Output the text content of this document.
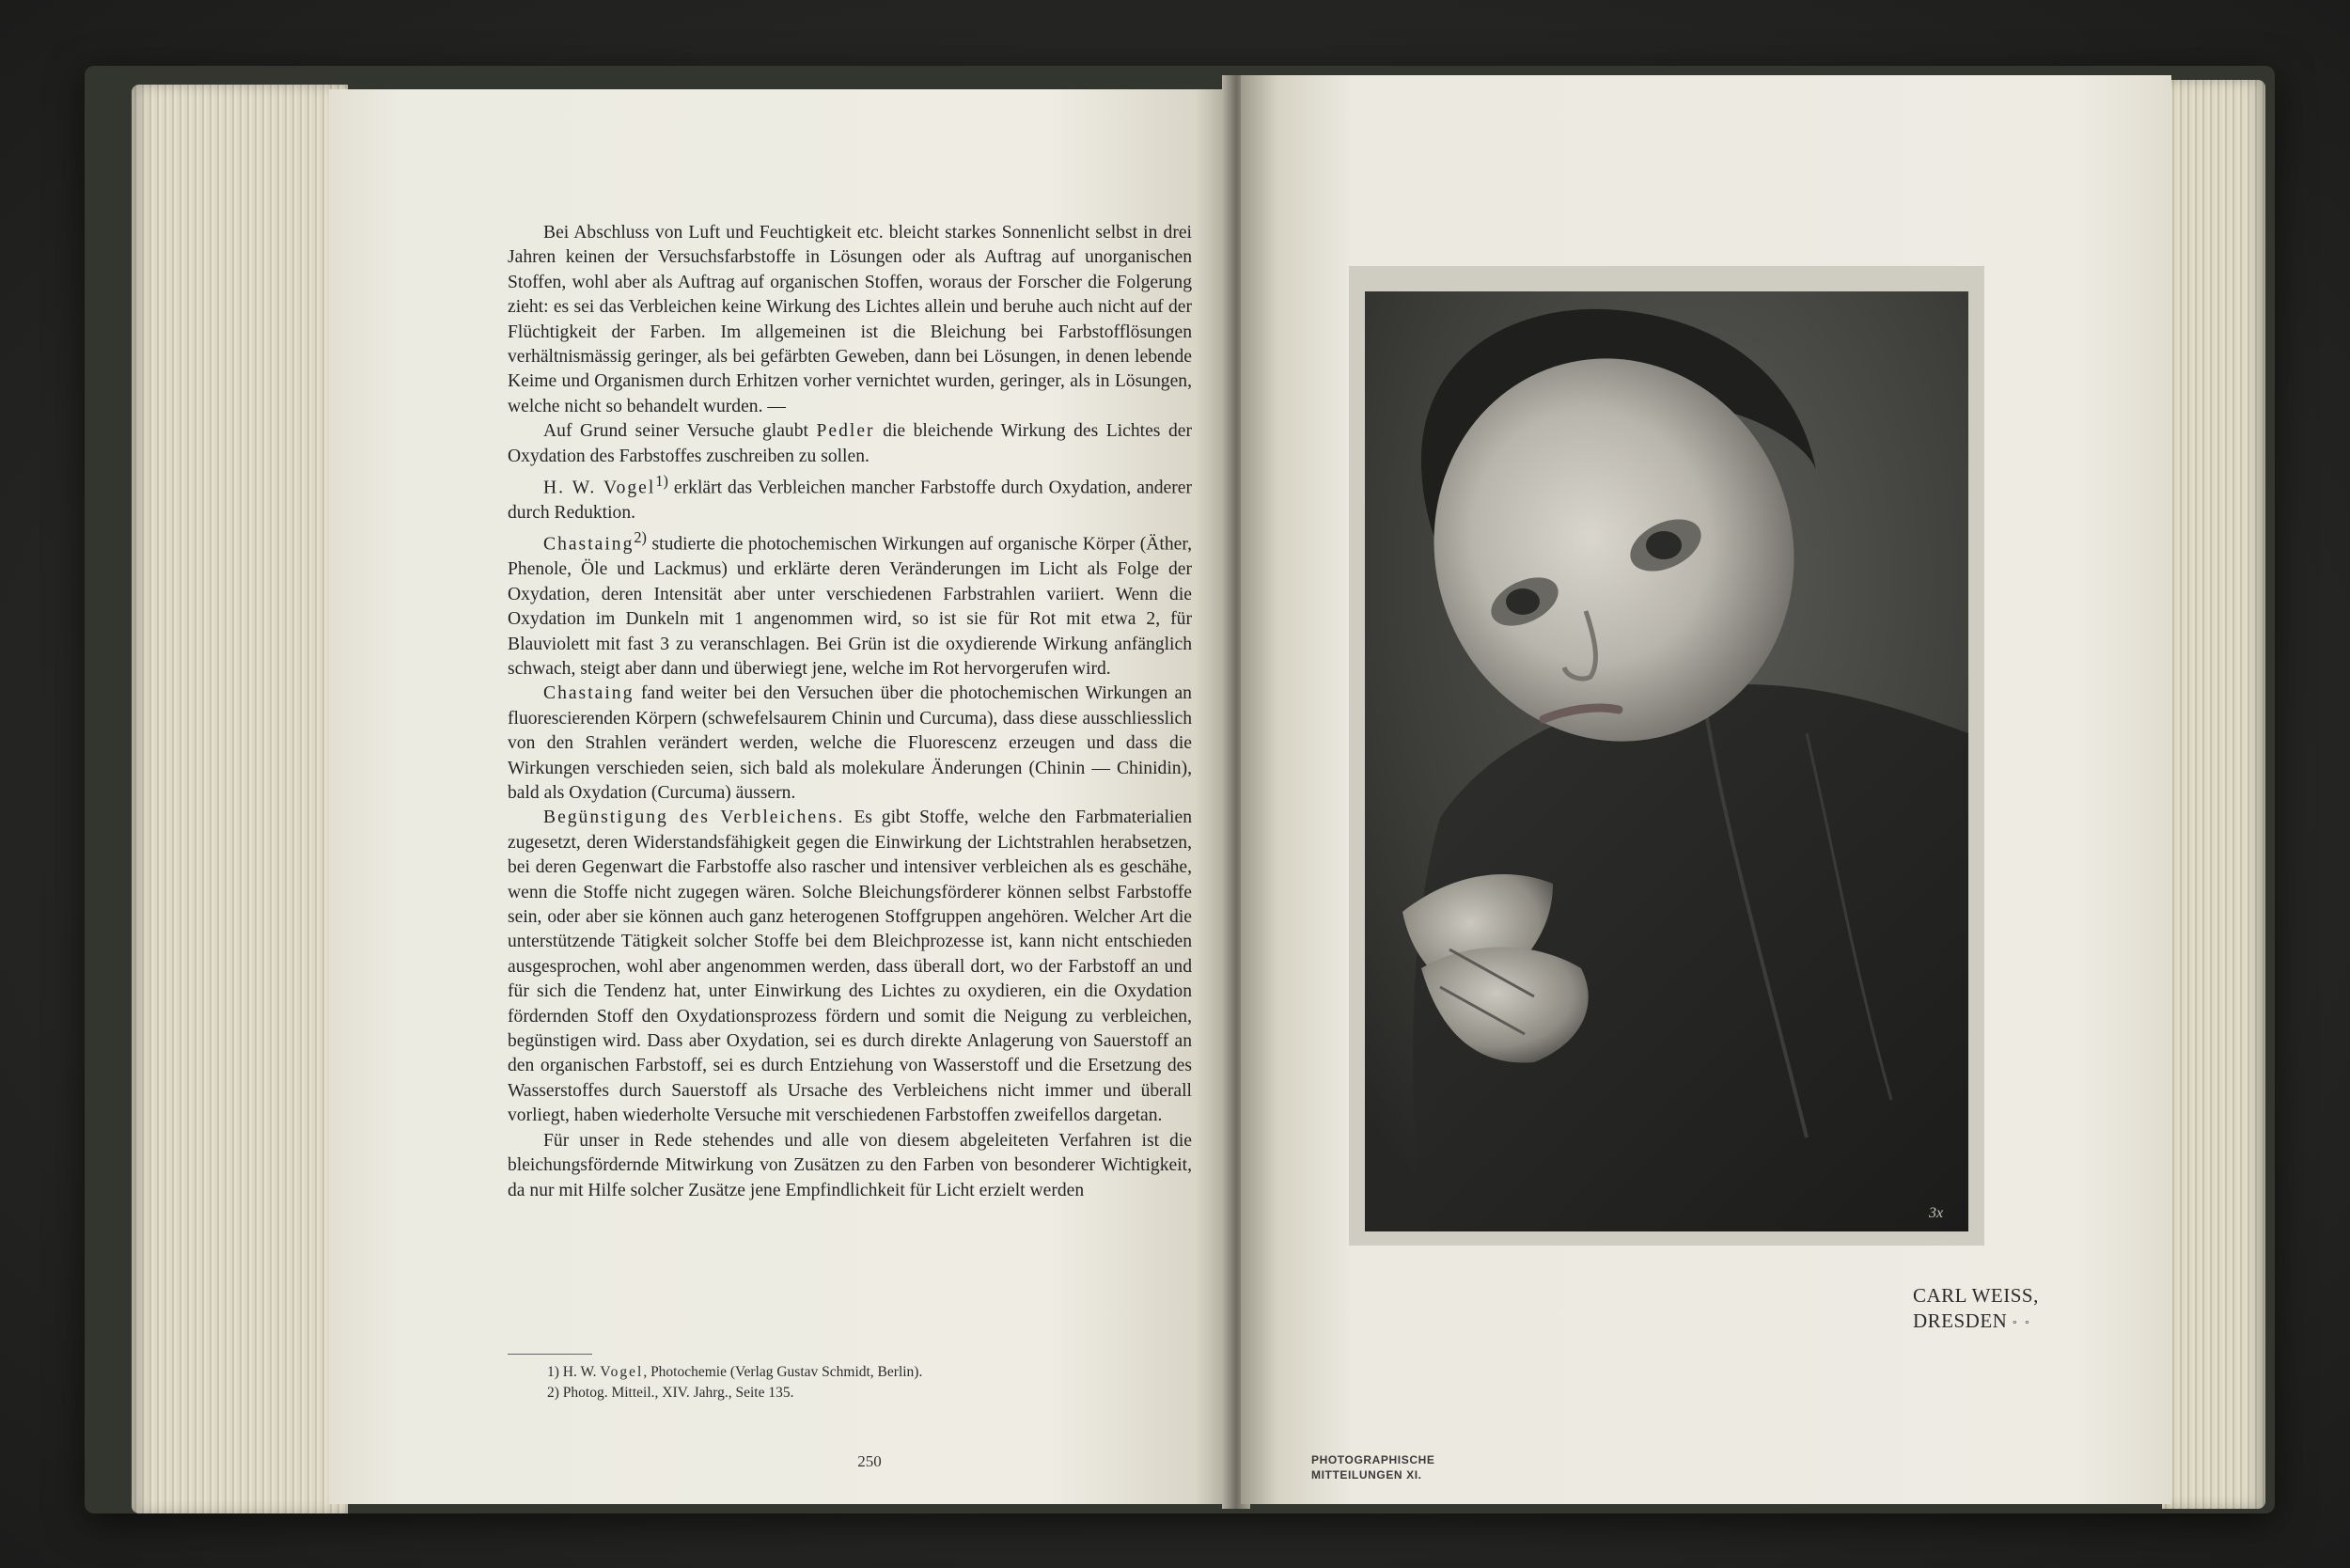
Bei Abschluss von Luft und Feuchtigkeit etc. bleicht starkes Sonnenlicht selbst in drei Jahren keinen der Versuchsfarbstoffe in Lösungen oder als Auftrag auf unorganischen Stoffen, wohl aber als Auftrag auf organischen Stoffen, woraus der Forscher die Folgerung zieht: es sei das Verbleichen keine Wirkung des Lichtes allein und beruhe auch nicht auf der Flüchtigkeit der Farben. Im allgemeinen ist die Bleichung bei Farbstofflösungen verhältnismässig geringer, als bei gefärbten Geweben, dann bei Lösungen, in denen lebende Keime und Organismen durch Erhitzen vorher vernichtet wurden, geringer, als in Lösungen, welche nicht so behandelt wurden. —

Auf Grund seiner Versuche glaubt Pedler die bleichende Wirkung des Lichtes der Oxydation des Farbstoffes zuschreiben zu sollen.

H. W. Vogel$^{1)}$ erklärt das Verbleichen mancher Farbstoffe durch Oxydation, anderer durch Reduktion.

Chastaing$^{2)}$ studierte die photochemischen Wirkungen auf organische Körper (Äther, Phenole, Öle und Lackmus) und erklärte deren Veränderungen im Licht als Folge der Oxydation, deren Intensität aber unter verschiedenen Farbstrahlen variiert. Wenn die Oxydation im Dunkeln mit 1 angenommen wird, so ist sie für Rot mit etwa 2, für Blauviolett mit fast 3 zu veranschlagen. Bei Grün ist die oxydierende Wirkung anfänglich schwach, steigt aber dann und überwiegt jene, welche im Rot hervorgerufen wird.

Chastaing fand weiter bei den Versuchen über die photochemischen Wirkungen an fluorescierenden Körpern (schwefelsaurem Chinin und Curcuma), dass diese ausschliesslich von den Strahlen verändert werden, welche die Fluorescenz erzeugen und dass die Wirkungen verschieden seien, sich bald als molekulare Änderungen (Chinin — Chinidin), bald als Oxydation (Curcuma) äussern.

Begünstigung des Verbleichens. Es gibt Stoffe, welche den Farbmaterialien zugesetzt, deren Widerstandsfähigkeit gegen die Einwirkung der Lichtstrahlen herabsetzen, bei deren Gegenwart die Farbstoffe also rascher und intensiver verbleichen als es geschähe, wenn die Stoffe nicht zugegen wären. Solche Bleichungsförderer können selbst Farbstoffe sein, oder aber sie können auch ganz heterogenen Stoffgruppen angehören. Welcher Art die unterstützende Tätigkeit solcher Stoffe bei dem Bleichprozesse ist, kann nicht entschieden ausgesprochen, wohl aber angenommen werden, dass überall dort, wo der Farbstoff an und für sich die Tendenz hat, unter Einwirkung des Lichtes zu oxydieren, ein die Oxydation fördernden Stoff den Oxydationsprozess fördern und somit die Neigung zu verbleichen, begünstigen wird. Dass aber Oxydation, sei es durch direkte Anlagerung von Sauerstoff an den organischen Farbstoff, sei es durch Entziehung von Wasserstoff und die Ersetzung des Wasserstoffes durch Sauerstoff als Ursache des Verbleichens nicht immer und überall vorliegt, haben wiederholte Versuche mit verschiedenen Farbstoffen zweifellos dargetan.

Für unser in Rede stehendes und alle von diesem abgeleiteten Verfahren ist die bleichungsfördernde Mitwirkung von Zusätzen zu den Farben von besonderer Wichtigkeit, da nur mit Hilfe solcher Zusätze jene Empfindlichkeit für Licht erzielt werden

1) H. W. Vogel, Photochemie (Verlag Gustav Schmidt, Berlin).
2) Photog. Mitteil., XIV. Jahrg., Seite 135.
250
3x
CARL WEISS,
DRESDEN ° °
PHOTOGRAPHISCHE
MITTEILUNGEN XI.
